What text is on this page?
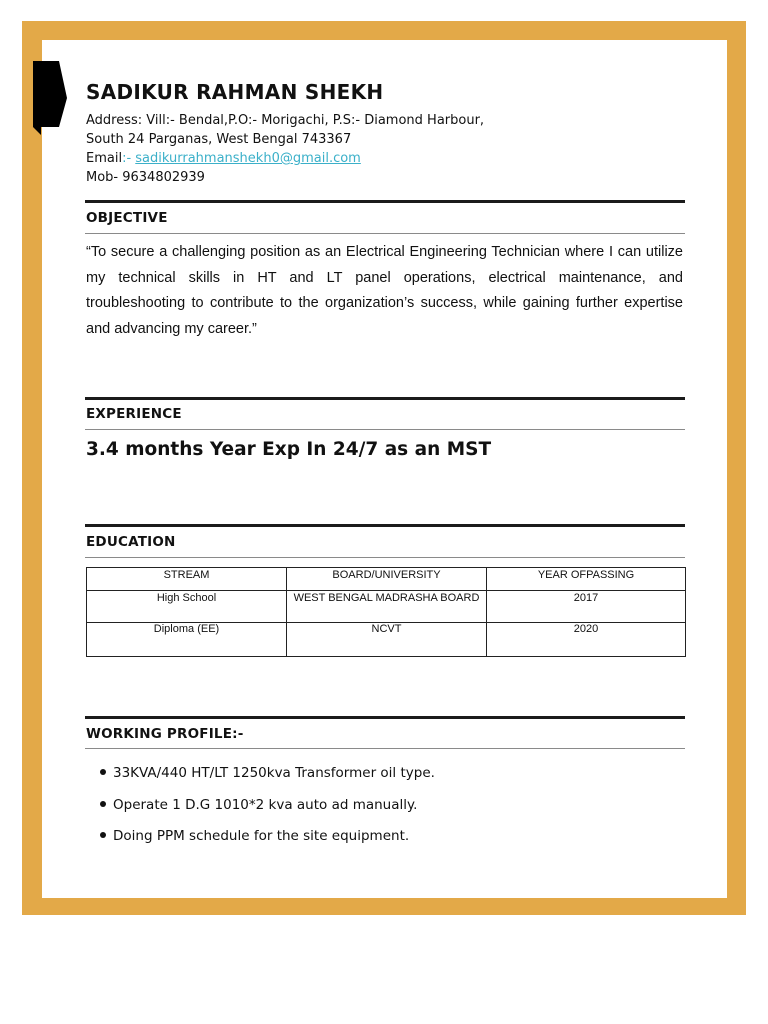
SADIKUR RAHMAN SHEKH
Address: Vill:- Bendal,P.O:- Morigachi, P.S:- Diamond Harbour,
South 24 Parganas, West Bengal 743367
Email:- sadikurrahmanshekh0@gmail.com
Mob- 9634802939
OBJECTIVE
“To secure a challenging position as an Electrical Engineering Technician where I can utilize my technical skills in HT and LT panel operations, electrical maintenance, and troubleshooting to contribute to the organization’s success, while gaining further expertise and advancing my career.”
EXPERIENCE
3.4 months Year Exp In 24/7 as an MST
EDUCATION
STREAM	BOARD/UNIVERSITY	YEAR OFPASSING
High School	WEST BENGAL MADRASHA BOARD	2017
Diploma (EE)	NCVT	2020
WORKING PROFILE:-
33KVA/440 HT/LT 1250kva Transformer oil type.
Operate 1 D.G 1010*2 kva auto ad manually.
Doing PPM schedule for the site equipment.
